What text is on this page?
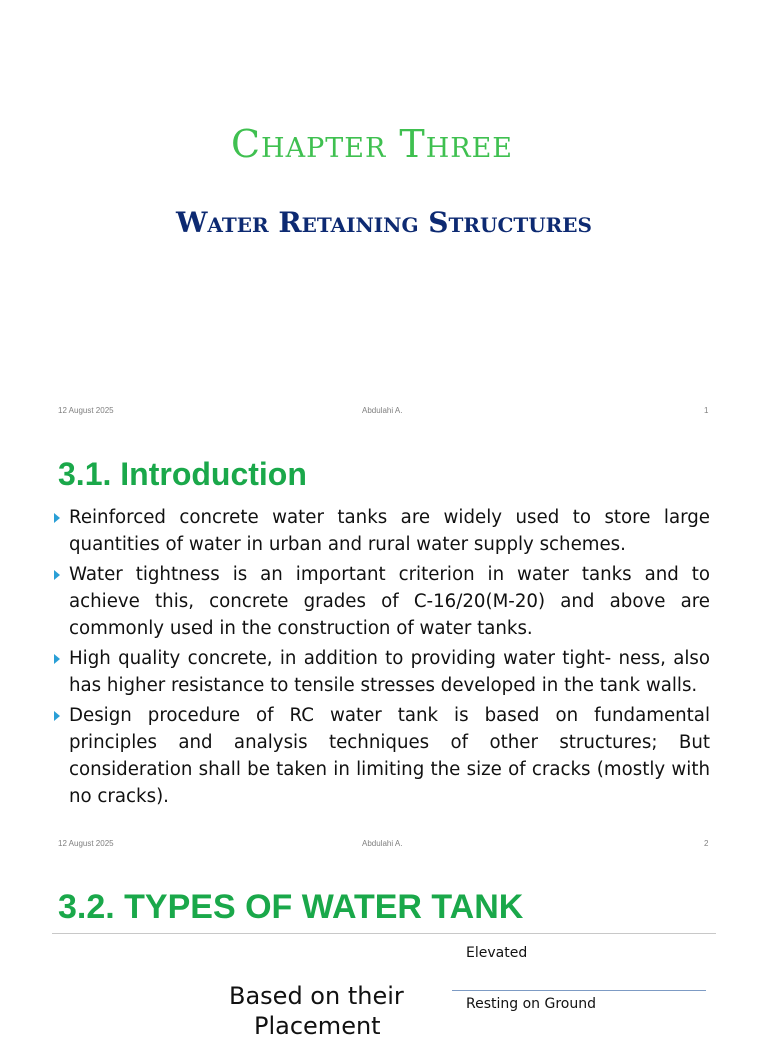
Chapter Three
Water Retaining Structures
12 August 2025	Abdulahi A.	1
3.1. Introduction
Reinforced concrete water tanks are widely used to store large quantities of water in urban and rural water supply schemes.
Water tightness is an important criterion in water tanks and to achieve this, concrete grades of C-16/20(M-20) and above are commonly used in the construction of water tanks.
High quality concrete, in addition to providing water tight- ness, also has higher resistance to tensile stresses developed in the tank walls.
Design procedure of RC water tank is based on fundamental principles and analysis techniques of other structures; But consideration shall be taken in limiting the size of cracks (mostly with no cracks).
12 August 2025	Abdulahi A.	2
3.2. TYPES OF WATER TANK
Elevated
Resting on Ground
Based on their
Placement
